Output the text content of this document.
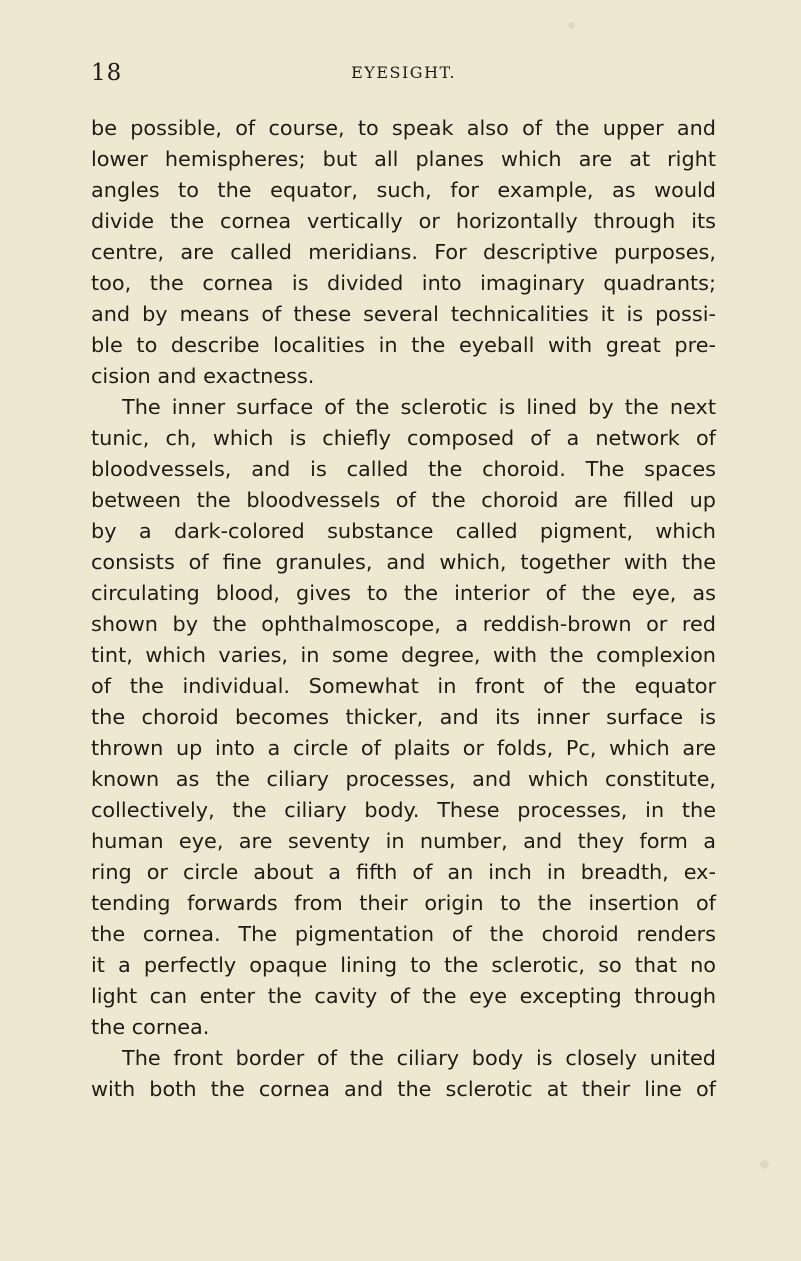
18	EYESIGHT.

be possible, of course, to speak also of the upper and
lower hemispheres; but all planes which are at right
angles to the equator, such, for example, as would
divide the cornea vertically or horizontally through its
centre, are called meridians. For descriptive purposes,
too, the cornea is divided into imaginary quadrants;
and by means of these several technicalities it is possi-
ble to describe localities in the eyeball with great pre-
cision and exactness.

The inner surface of the sclerotic is lined by the next
tunic, ch, which is chiefly composed of a network of
bloodvessels, and is called the choroid. The spaces
between the bloodvessels of the choroid are filled up
by a dark-colored substance called pigment, which
consists of fine granules, and which, together with the
circulating blood, gives to the interior of the eye, as
shown by the ophthalmoscope, a reddish-brown or red
tint, which varies, in some degree, with the complexion
of the individual. Somewhat in front of the equator
the choroid becomes thicker, and its inner surface is
thrown up into a circle of plaits or folds, Pc, which are
known as the ciliary processes, and which constitute,
collectively, the ciliary body. These processes, in the
human eye, are seventy in number, and they form a
ring or circle about a fifth of an inch in breadth, ex-
tending forwards from their origin to the insertion of
the cornea. The pigmentation of the choroid renders
it a perfectly opaque lining to the sclerotic, so that no
light can enter the cavity of the eye excepting through
the cornea.

The front border of the ciliary body is closely united
with both the cornea and the sclerotic at their line of
